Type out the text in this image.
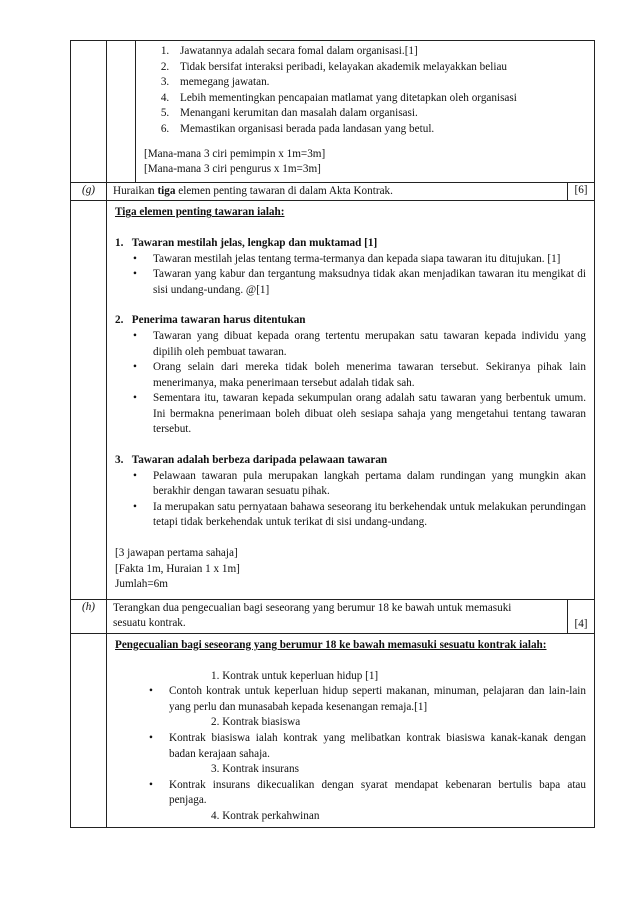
1. Jawatannya adalah secara fomal dalam organisasi.[1]
2. Tidak bersifat interaksi peribadi, kelayakan akademik melayakkan beliau
3. memegang jawatan.
4. Lebih mementingkan pencapaian matlamat yang ditetapkan oleh organisasi
5. Menangani kerumitan dan masalah dalam organisasi.
6. Memastikan organisasi berada pada landasan yang betul.
[Mana-mana 3 ciri pemimpin x 1m=3m]
[Mana-mana 3 ciri pengurus x 1m=3m]
(g)	Huraikan tiga elemen penting tawaran di dalam Akta Kontrak.	[6]
Tiga elemen penting tawaran ialah:
1. Tawaran mestilah jelas, lengkap dan muktamad [1]
• Tawaran mestilah jelas tentang terma-termanya dan kepada siapa tawaran itu ditujukan. [1]
• Tawaran yang kabur dan tergantung maksudnya tidak akan menjadikan tawaran itu mengikat di sisi undang-undang. @[1]
2. Penerima tawaran harus ditentukan
• Tawaran yang dibuat kepada orang tertentu merupakan satu tawaran kepada individu yang dipilih oleh pembuat tawaran.
• Orang selain dari mereka tidak boleh menerima tawaran tersebut. Sekiranya pihak lain menerimanya, maka penerimaan tersebut adalah tidak sah.
• Sementara itu, tawaran kepada sekumpulan orang adalah satu tawaran yang berbentuk umum. Ini bermakna penerimaan boleh dibuat oleh sesiapa sahaja yang mengetahui tentang tawaran tersebut.
3. Tawaran adalah berbeza daripada pelawaan tawaran
• Pelawaan tawaran pula merupakan langkah pertama dalam rundingan yang mungkin akan berakhir dengan tawaran sesuatu pihak.
• Ia merupakan satu pernyataan bahawa seseorang itu berkehendak untuk melakukan perundingan tetapi tidak berkehendak untuk terikat di sisi undang-undang.
[3 jawapan pertama sahaja]
[Fakta 1m, Huraian 1 x 1m]
Jumlah=6m
(h)	Terangkan dua pengecualian bagi seseorang yang berumur 18 ke bawah untuk memasuki
sesuatu kontrak.	[4]
Pengecualian bagi seseorang yang berumur 18 ke bawah memasuki sesuatu kontrak ialah:
1. Kontrak untuk keperluan hidup [1]
• Contoh kontrak untuk keperluan hidup seperti makanan, minuman, pelajaran dan lain-lain yang perlu dan munasabah kepada kesenangan remaja.[1]
2. Kontrak biasiswa
• Kontrak biasiswa ialah kontrak yang melibatkan kontrak biasiswa kanak-kanak dengan badan kerajaan sahaja.
3. Kontrak insurans
• Kontrak insurans dikecualikan dengan syarat mendapat kebenaran bertulis bapa atau penjaga.
4. Kontrak perkahwinan
